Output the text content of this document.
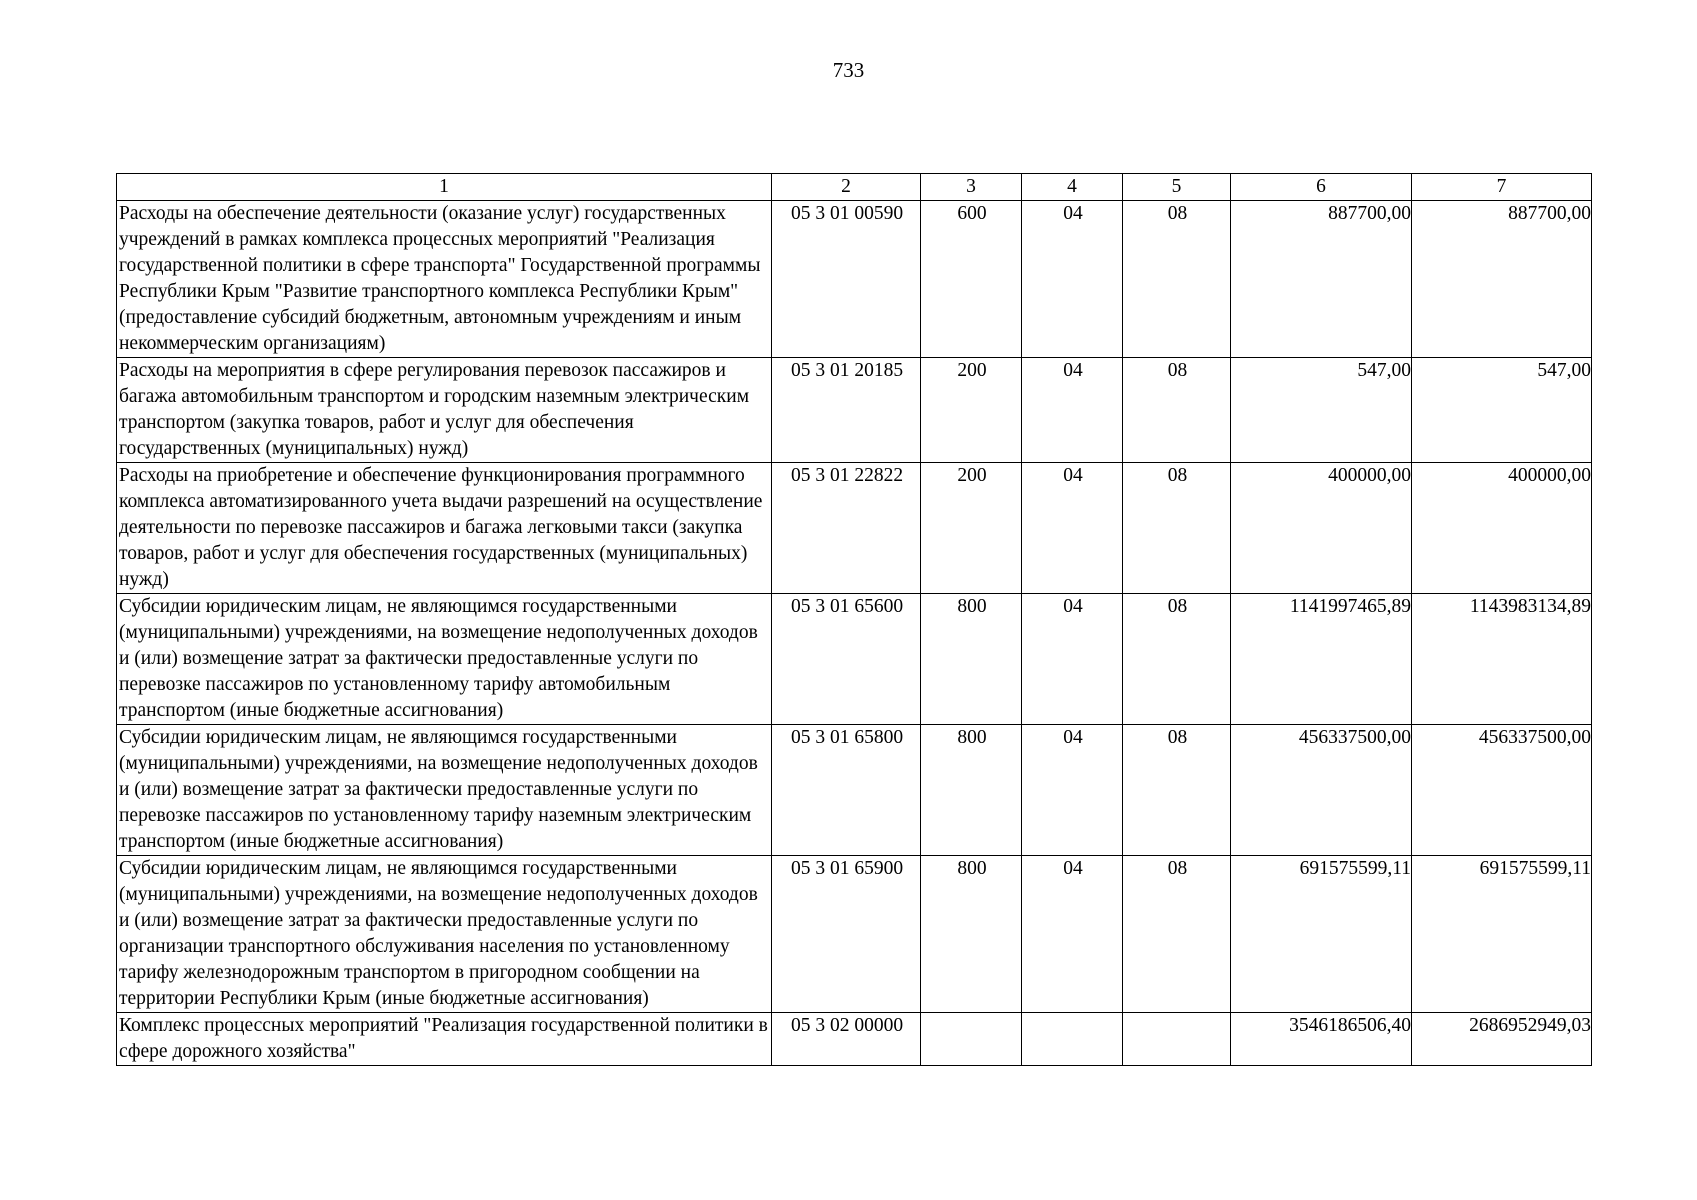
733
1	2	3	4	5	6	7
Расходы на обеспечение деятельности (оказание услуг) государственных учреждений в рамках комплекса процессных мероприятий "Реализация государственной политики в сфере транспорта" Государственной программы Республики Крым "Развитие транспортного комплекса Республики Крым" (предоставление субсидий бюджетным, автономным учреждениям и иным некоммерческим организациям)	05 3 01 00590	600	04	08	887700,00	887700,00
Расходы на мероприятия в сфере регулирования перевозок пассажиров и багажа автомобильным транспортом и городским наземным электрическим транспортом (закупка товаров, работ и услуг для обеспечения государственных (муниципальных) нужд)	05 3 01 20185	200	04	08	547,00	547,00
Расходы на приобретение и обеспечение функционирования программного комплекса автоматизированного учета выдачи разрешений на осуществление деятельности по перевозке пассажиров и багажа легковыми такси (закупка товаров, работ и услуг для обеспечения государственных (муниципальных) нужд)	05 3 01 22822	200	04	08	400000,00	400000,00
Субсидии юридическим лицам, не являющимся государственными (муниципальными) учреждениями, на возмещение недополученных доходов и (или) возмещение затрат за фактически предоставленные услуги по перевозке пассажиров по установленному тарифу автомобильным транспортом (иные бюджетные ассигнования)	05 3 01 65600	800	04	08	1141997465,89	1143983134,89
Субсидии юридическим лицам, не являющимся государственными (муниципальными) учреждениями, на возмещение недополученных доходов и (или) возмещение затрат за фактически предоставленные услуги по перевозке пассажиров по установленному тарифу наземным электрическим транспортом (иные бюджетные ассигнования)	05 3 01 65800	800	04	08	456337500,00	456337500,00
Субсидии юридическим лицам, не являющимся государственными (муниципальными) учреждениями, на возмещение недополученных доходов и (или) возмещение затрат за фактически предоставленные услуги по организации транспортного обслуживания населения по установленному тарифу железнодорожным транспортом в пригородном сообщении на территории Республики Крым (иные бюджетные ассигнования)	05 3 01 65900	800	04	08	691575599,11	691575599,11
Комплекс процессных мероприятий "Реализация государственной политики в сфере дорожного хозяйства"	05 3 02 00000				3546186506,40	2686952949,03
